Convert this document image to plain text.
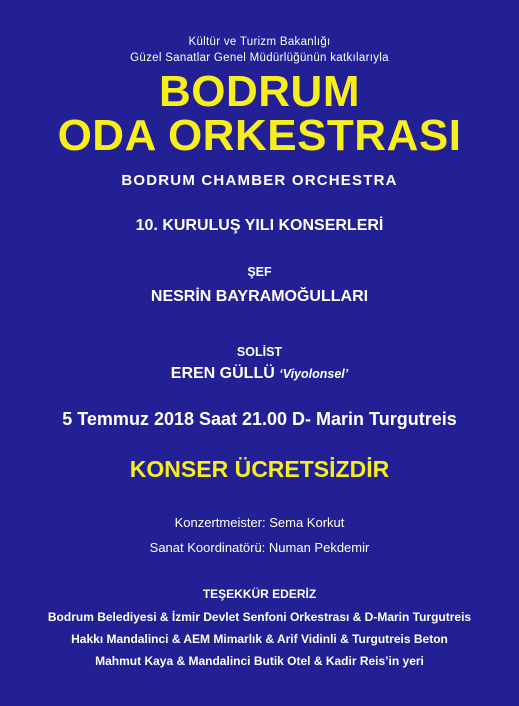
Kültür ve Turizm Bakanlığı
Güzel Sanatlar Genel Müdürlüğünün katkılarıyla
BODRUM
ODA ORKESTRASI
BODRUM CHAMBER ORCHESTRA
10. KURULUŞ YILI KONSERLERİ
ŞEF
NESRİN BAYRAMOĞULLARI
SOLİST
EREN GÜLLÜ ‘Viyolonsel’
5 Temmuz 2018 Saat 21.00 D- Marin Turgutreis
KONSER ÜCRETSİZDİR
Konzertmeister: Sema Korkut
Sanat Koordinatörü: Numan Pekdemir
TEŞEKKÜR EDERİZ
Bodrum Belediyesi & İzmir Devlet Senfoni Orkestrası & D-Marin Turgutreis
Hakkı Mandalinci & AEM Mimarlık & Arif Vidinli & Turgutreis Beton
Mahmut Kaya & Mandalinci Butik Otel & Kadir Reis’in yeri
